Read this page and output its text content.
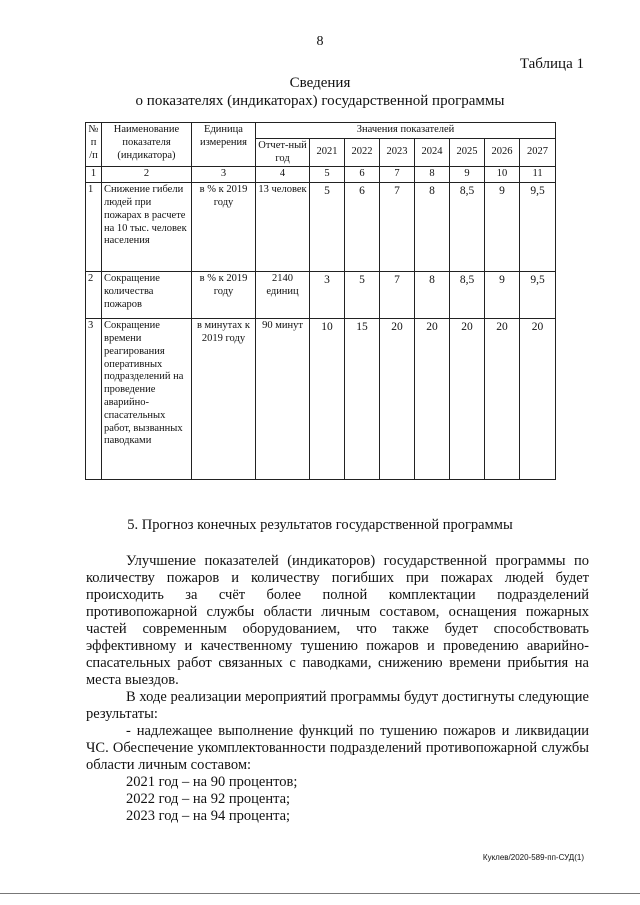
8
Таблица 1
Сведения
о показателях (индикаторах) государственной программы
№ п /п	Наименование показателя (индикатора)	Единица измерения	Значения показателей							
			Отчет-ный год	2021	2022	2023	2024	2025	2026	2027
1	2	3	4	5	6	7	8	9	10	11
1	Снижение гибели людей при пожарах в расчете на 10 тыс. человек населения	в % к 2019 году	13 человек	5	6	7	8	8,5	9	9,5
2	Сокращение количества пожаров	в % к 2019 году	2140 единиц	3	5	7	8	8,5	9	9,5
3	Сокращение времени реагирования оперативных подразделений на проведение аварийно-спасательных работ, вызванных паводками	в минутах к 2019 году	90 минут	10	15	20	20	20	20	20
5. Прогноз конечных результатов государственной программы

Улучшение показателей (индикаторов) государственной программы по количеству пожаров и количеству погибших при пожарах людей будет происходить за счёт более полной комплектации подразделений противопожарной службы области личным составом, оснащения пожарных частей современным оборудованием, что также будет способствовать эффективному и качественному тушению пожаров и проведению аварийно-спасательных работ связанных с паводками, снижению времени прибытия на места выездов.

В ходе реализации мероприятий программы будут достигнуты следующие результаты:

- надлежащее выполнение функций по тушению пожаров и ликвидации ЧС. Обеспечение укомплектованности подразделений противопожарной службы области личным составом:

2021 год – на 90 процентов;

2022 год – на 92 процента;

2023 год – на 94 процента;

Куклев/2020-589-пп-СУД(1)
